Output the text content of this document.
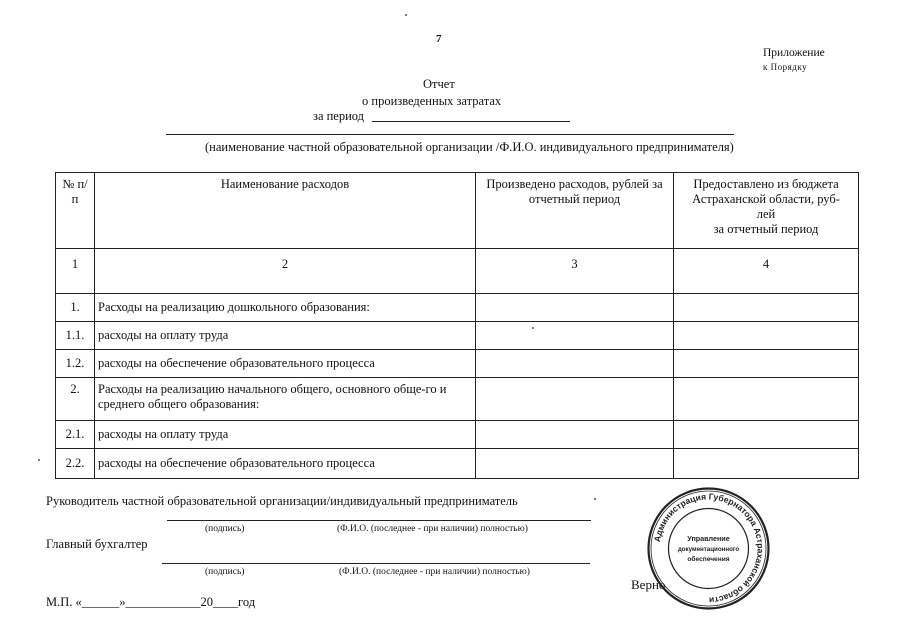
7
Приложение
к Порядку
Отчет
о произведенных затратах
за период
(наименование частной образовательной организации /Ф.И.О. индивидуального предпринимателя)
№ п/п	Наименование расходов	Произведено расходов, рублей за отчетный период	Предоставлено из бюджета
Астраханской области, руб-
лей
за отчетный период

1	2	3	4
1.	Расходы на реализацию дошкольного образования:		
1.1.	расходы на оплату труда		
1.2.	расходы на обеспечение образовательного процесса		
2.	Расходы на реализацию начального общего, основного обще-го и среднего общего образования:		
2.1.	расходы на оплату труда		
2.2.	расходы на обеспечение образовательного процесса		
Руководитель частной образовательной организации/индивидуальный предприниматель
(подпись)	(Ф.И.О. (последнее - при наличии) полностью)
Главный бухгалтер
(подпись)	(Ф.И.О. (последнее - при наличии) полностью)
М.П. «______»____________20____год
Верно
Администрация Губернатора Астраханской области
Управление
документационного
обеспечения
